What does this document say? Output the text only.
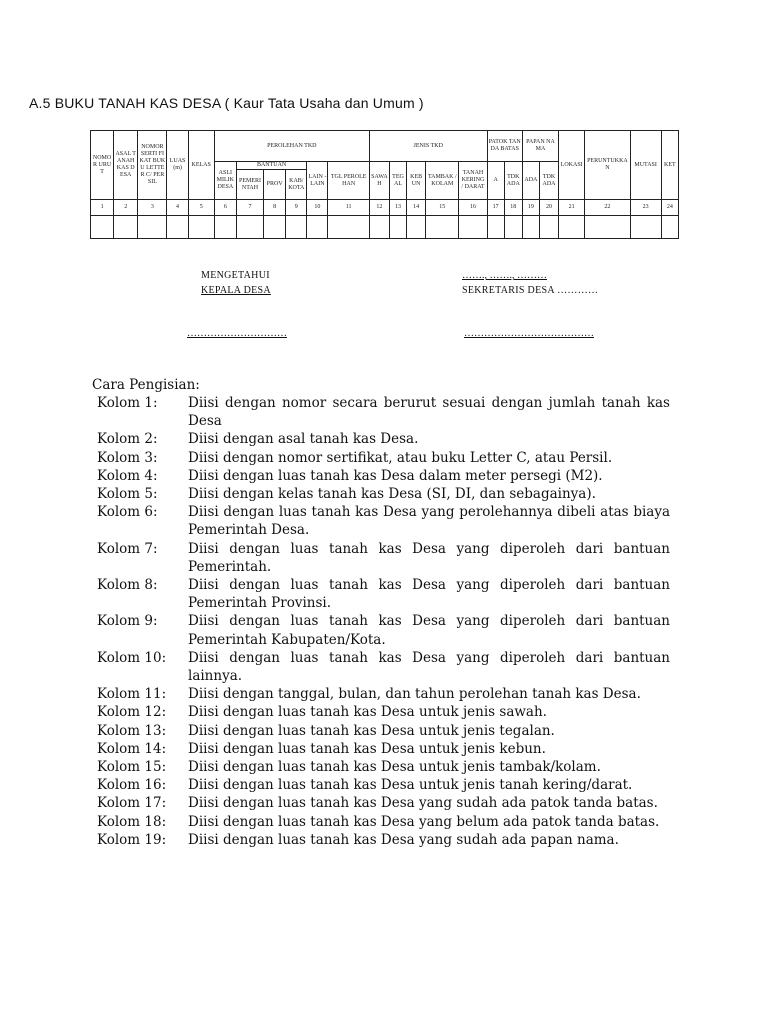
A.5 BUKU TANAH KAS DESA ( Kaur Tata Usaha dan Umum )
NOMOR URUT	ASAL TANAH KAS DESA	NOMOR SERTI FIKAT BUKU LETTER C/ PERSIL	LUAS (m)	KELAS	PEROLEHAN TKD						JENIS TKD					PATOK TANDA BATAS		PAPAN NAMA		LOKASI	PERUNTUKKAN	MUTASI	KET
					ASLI MILIK DESA	BANTUAN			LAIN - LAIN	TGL PEROLEHAN	SAWAH	TEGAL	KEBUN	TAMBAK / KOLAM	TANAH KERING / DARAT	A	TDK ADA	ADA	TDK ADA				
						PEMERINTAH	PROV	KAB/ KOTA															
1	2	3	4	5	6	7	8	9	10	11	12	13	14	15	16	17	18	19	20	21	22	23	24

MENGETAHUI
KEPALA DESA
…………………………
……., ……., ………
SEKRETARIS DESA …………
…………………………………
Cara Pengisian:
Kolom 1:	Diisi dengan nomor secara berurut sesuai dengan jumlah tanah kas Desa
Kolom 2:	Diisi dengan asal tanah kas Desa.
Kolom 3:	Diisi dengan nomor sertifikat, atau buku Letter C, atau Persil.
Kolom 4:	Diisi dengan luas tanah kas Desa dalam meter persegi (M2).
Kolom 5:	Diisi dengan kelas tanah kas Desa (SI, DI, dan sebagainya).
Kolom 6:	Diisi dengan luas tanah kas Desa yang perolehannya dibeli atas biaya Pemerintah Desa.
Kolom 7:	Diisi dengan luas tanah kas Desa yang diperoleh dari bantuan Pemerintah.
Kolom 8:	Diisi dengan luas tanah kas Desa yang diperoleh dari bantuan Pemerintah Provinsi.
Kolom 9:	Diisi dengan luas tanah kas Desa yang diperoleh dari bantuan Pemerintah Kabupaten/Kota.
Kolom 10:	Diisi dengan luas tanah kas Desa yang diperoleh dari bantuan lainnya.
Kolom 11:	Diisi dengan tanggal, bulan, dan tahun perolehan tanah kas Desa.
Kolom 12:	Diisi dengan luas tanah kas Desa untuk jenis sawah.
Kolom 13:	Diisi dengan luas tanah kas Desa untuk jenis tegalan.
Kolom 14:	Diisi dengan luas tanah kas Desa untuk jenis kebun.
Kolom 15:	Diisi dengan luas tanah kas Desa untuk jenis tambak/kolam.
Kolom 16:	Diisi dengan luas tanah kas Desa untuk jenis tanah kering/darat.
Kolom 17:	Diisi dengan luas tanah kas Desa yang sudah ada patok tanda batas.
Kolom 18:	Diisi dengan luas tanah kas Desa yang belum ada patok tanda batas.
Kolom 19:	Diisi dengan luas tanah kas Desa yang sudah ada papan nama.
